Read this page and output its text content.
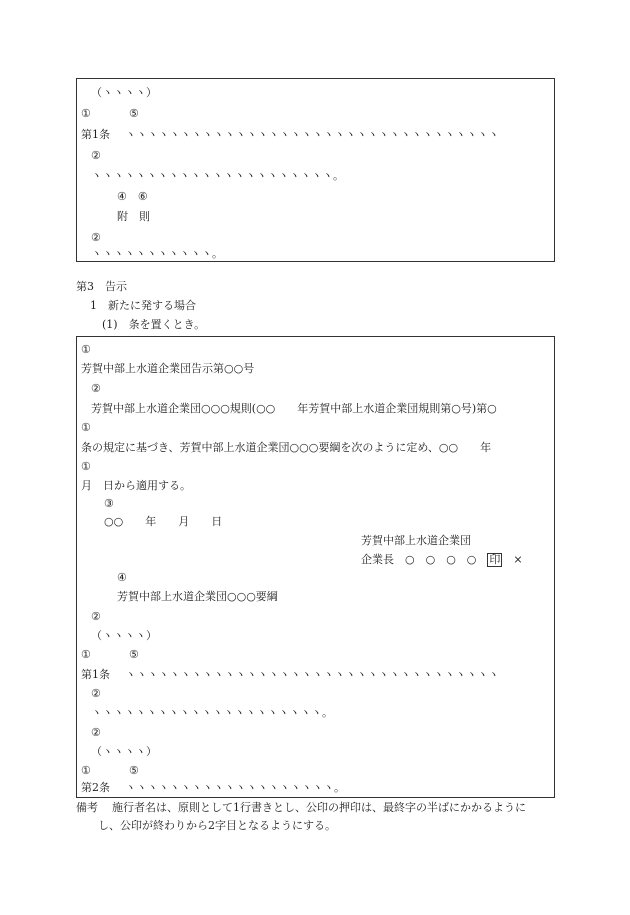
（ヽヽヽヽ）
①	⑤
第1条 ヽヽヽヽヽヽヽヽヽヽヽヽヽヽヽヽヽヽヽヽヽヽヽヽヽヽヽヽヽヽヽヽヽヽ
②
ヽヽヽヽヽヽヽヽヽヽヽヽヽヽヽヽヽヽヽヽヽヽ。
④　⑥
附　則
②
ヽヽヽヽヽヽヽヽヽヽヽ。
第3　告示
1　新たに発する場合
(1)　条を置くとき。
①
芳賀中部上水道企業団告示第○○号
②
芳賀中部上水道企業団○○○規則(○○　　年芳賀中部上水道企業団規則第○号)第○
①
条の規定に基づき、芳賀中部上水道企業団○○○要綱を次のように定め、○○　　年
①
月　日から適用する。
③
○○　　年　　月　　日
芳賀中部上水道企業団
企業長　○　○　○　○　 印　 ×
④
芳賀中部上水道企業団○○○要綱
②
（ヽヽヽヽ）
①	⑤
第1条 ヽヽヽヽヽヽヽヽヽヽヽヽヽヽヽヽヽヽヽヽヽヽヽヽヽヽヽヽヽヽヽヽヽヽ
②
ヽヽヽヽヽヽヽヽヽヽヽヽヽヽヽヽヽヽヽヽヽ。
②
（ヽヽヽヽ）
①	⑤
第2条 ヽヽヽヽヽヽヽヽヽヽヽヽヽヽヽヽヽヽヽ。
備考 施行者名は、原則として1行書きとし、公印の押印は、最終字の半ばにかかるように
し、公印が終わりから2字目となるようにする。
